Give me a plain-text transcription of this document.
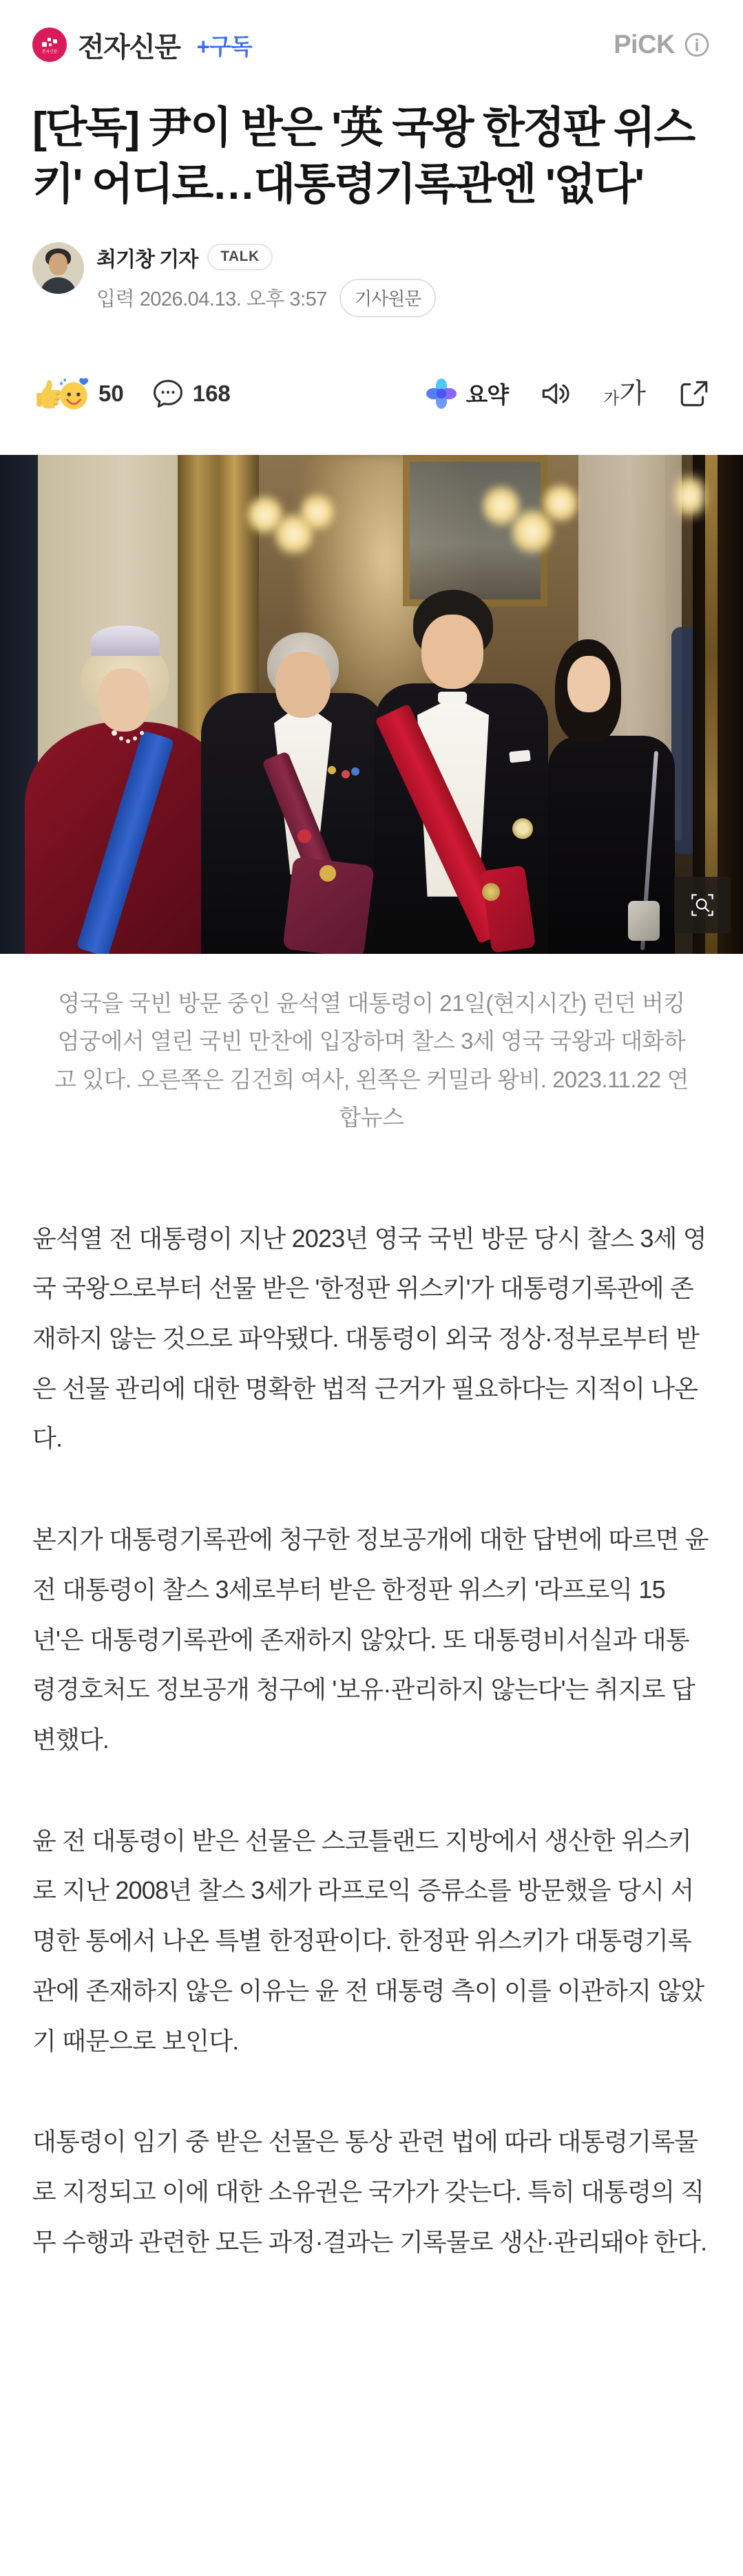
전자신문 전자신문 +구독	PiCK
[단독] 尹이 받은 '英 국왕 한정판 위스키' 어디로…대통령기록관엔 '없다'
최기창 기자	TALK
입력 2026.04.13. 오후 3:57	기사원문
50	168	요약	가 가
영국을 국빈 방문 중인 윤석열 대통령이 21일(현지시간) 런던 버킹엄궁에서 열린 국빈 만찬에 입장하며 찰스 3세 영국 국왕과 대화하고 있다. 오른쪽은 김건희 여사, 왼쪽은 커밀라 왕비. 2023.11.22 연합뉴스

윤석열 전 대통령이 지난 2023년 영국 국빈 방문 당시 찰스 3세 영국 국왕으로부터 선물 받은 '한정판 위스키'가 대통령기록관에 존재하지 않는 것으로 파악됐다. 대통령이 외국 정상·정부로부터 받은 선물 관리에 대한 명확한 법적 근거가 필요하다는 지적이 나온다.

본지가 대통령기록관에 청구한 정보공개에 대한 답변에 따르면 윤 전 대통령이 찰스 3세로부터 받은 한정판 위스키 '라프로익 15년'은 대통령기록관에 존재하지 않았다. 또 대통령비서실과 대통령경호처도 정보공개 청구에 '보유·관리하지 않는다'는 취지로 답변했다.

윤 전 대통령이 받은 선물은 스코틀랜드 지방에서 생산한 위스키로 지난 2008년 찰스 3세가 라프로익 증류소를 방문했을 당시 서명한 통에서 나온 특별 한정판이다. 한정판 위스키가 대통령기록관에 존재하지 않은 이유는 윤 전 대통령 측이 이를 이관하지 않았기 때문으로 보인다.

대통령이 임기 중 받은 선물은 통상 관련 법에 따라 대통령기록물로 지정되고 이에 대한 소유권은 국가가 갖는다. 특히 대통령의 직무 수행과 관련한 모든 과정·결과는 기록물로 생산·관리돼야 한다.
